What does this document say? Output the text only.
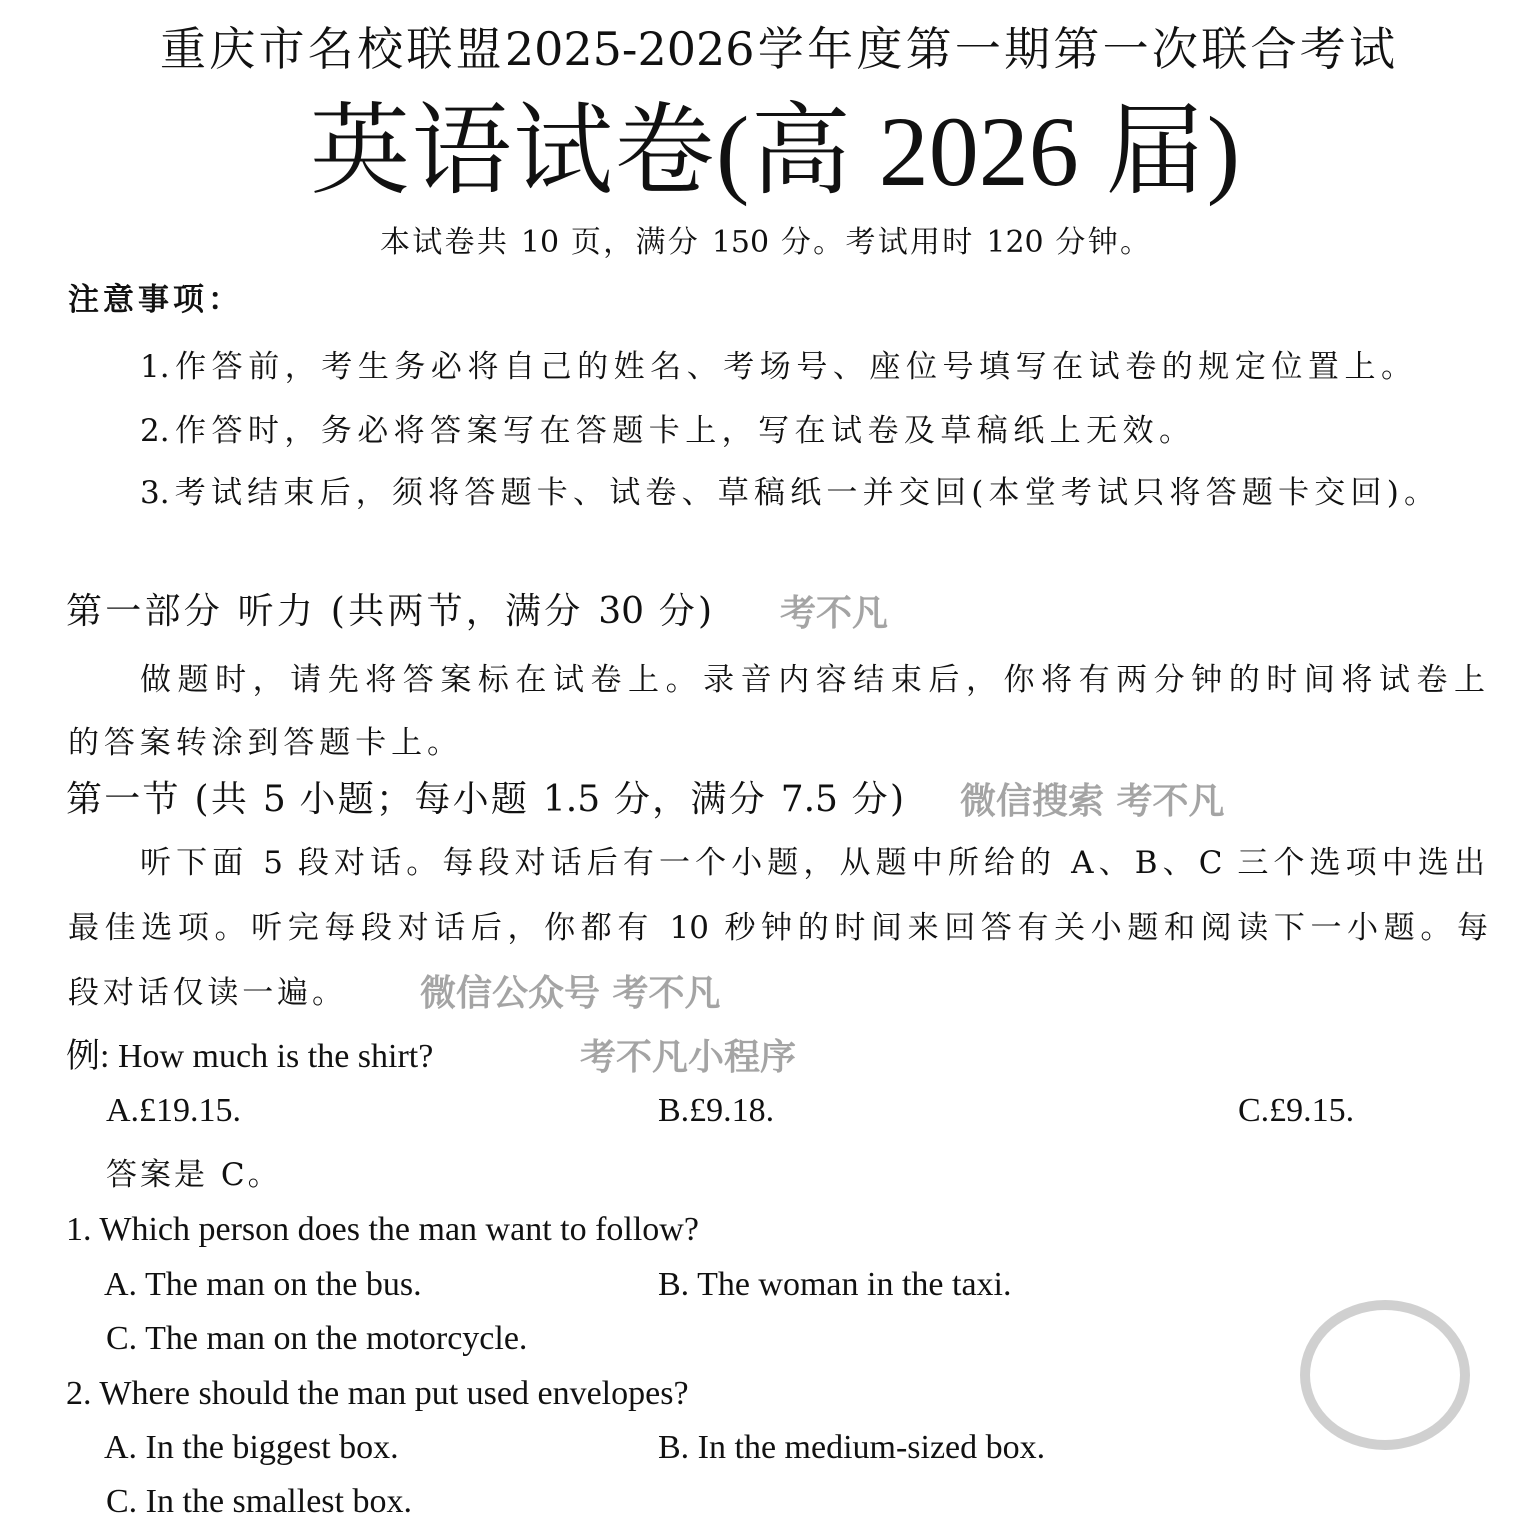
重庆市名校联盟2025-2026学年度第一期第一次联合考试
英语试卷(高 2026 届)
本试卷共 10 页，满分 150 分。考试用时 120 分钟。
注意事项：
1.作答前，考生务必将自己的姓名、考场号、座位号填写在试卷的规定位置上。
2.作答时，务必将答案写在答题卡上，写在试卷及草稿纸上无效。
3.考试结束后，须将答题卡、试卷、草稿纸一并交回(本堂考试只将答题卡交回)。
第一部分 听力 (共两节，满分 30 分)
做题时，请先将答案标在试卷上。录音内容结束后，你将有两分钟的时间将试卷上
的答案转涂到答题卡上。
第一节 (共 5 小题；每小题 1.5 分，满分 7.5 分)
听下面 5 段对话。每段对话后有一个小题，从题中所给的 A、B、C 三个选项中选出
最佳选项。听完每段对话后，你都有 10 秒钟的时间来回答有关小题和阅读下一小题。每
段对话仅读一遍。
例: How much is the shirt?
A.£19.15.	B.£9.18.	C.£9.15.
答案是 C。
1. Which person does the man want to follow?
A. The man on the bus.	B. The woman in the taxi.
C. The man on the motorcycle.
2. Where should the man put used envelopes?
A. In the biggest box.	B. In the medium-sized box.
C. In the smallest box.
考不凡
微信搜索 考不凡
考不凡小程序
微信公众号 考不凡
